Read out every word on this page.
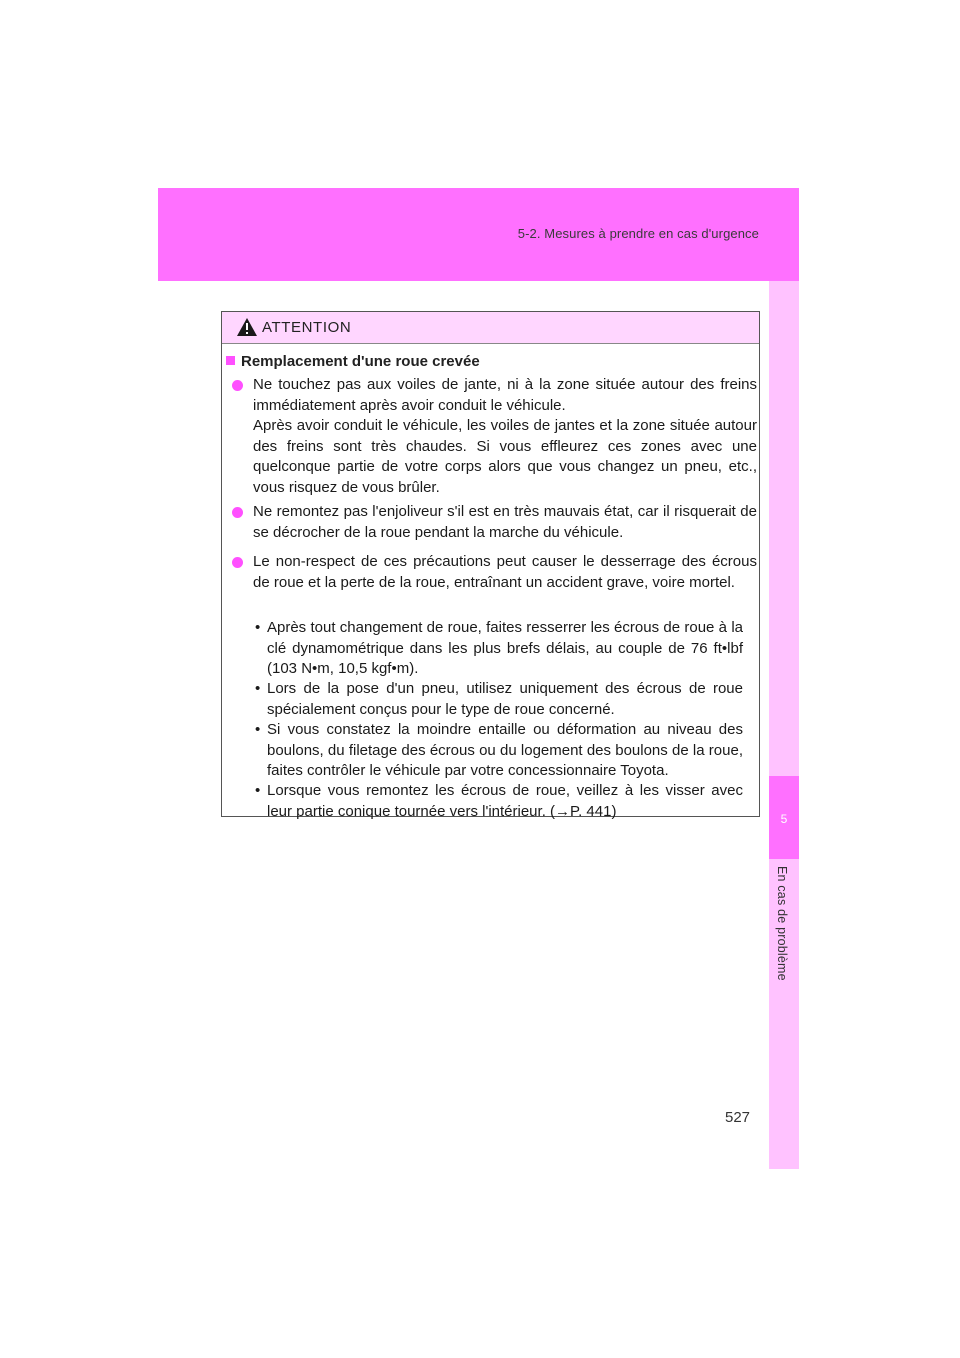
5-2. Mesures à prendre en cas d'urgence
5
En cas de problème
ATTENTION
Remplacement d'une roue crevée

Ne touchez pas aux voiles de jante, ni à la zone située autour des freins immédiatement après avoir conduit le véhicule.

Après avoir conduit le véhicule, les voiles de jantes et la zone située autour des freins sont très chaudes. Si vous effleurez ces zones avec une quelconque partie de votre corps alors que vous changez un pneu, etc., vous risquez de vous brûler.

Ne remontez pas l'enjoliveur s'il est en très mauvais état, car il risquerait de se décrocher de la roue pendant la marche du véhicule.

Le non-respect de ces précautions peut causer le desserrage des écrous de roue et la perte de la roue, entraînant un accident grave, voire mortel.

• Après tout changement de roue, faites resserrer les écrous de roue à la clé dynamométrique dans les plus brefs délais, au couple de 76 ft•lbf (103 N•m, 10,5 kgf•m).
• Lors de la pose d'un pneu, utilisez uniquement des écrous de roue spécialement conçus pour le type de roue concerné.
• Si vous constatez la moindre entaille ou déformation au niveau des boulons, du filetage des écrous ou du logement des boulons de la roue, faites contrôler le véhicule par votre concessionnaire Toyota.
• Lorsque vous remontez les écrous de roue, veillez à les visser avec leur partie conique tournée vers l'intérieur. (→P. 441)
527
